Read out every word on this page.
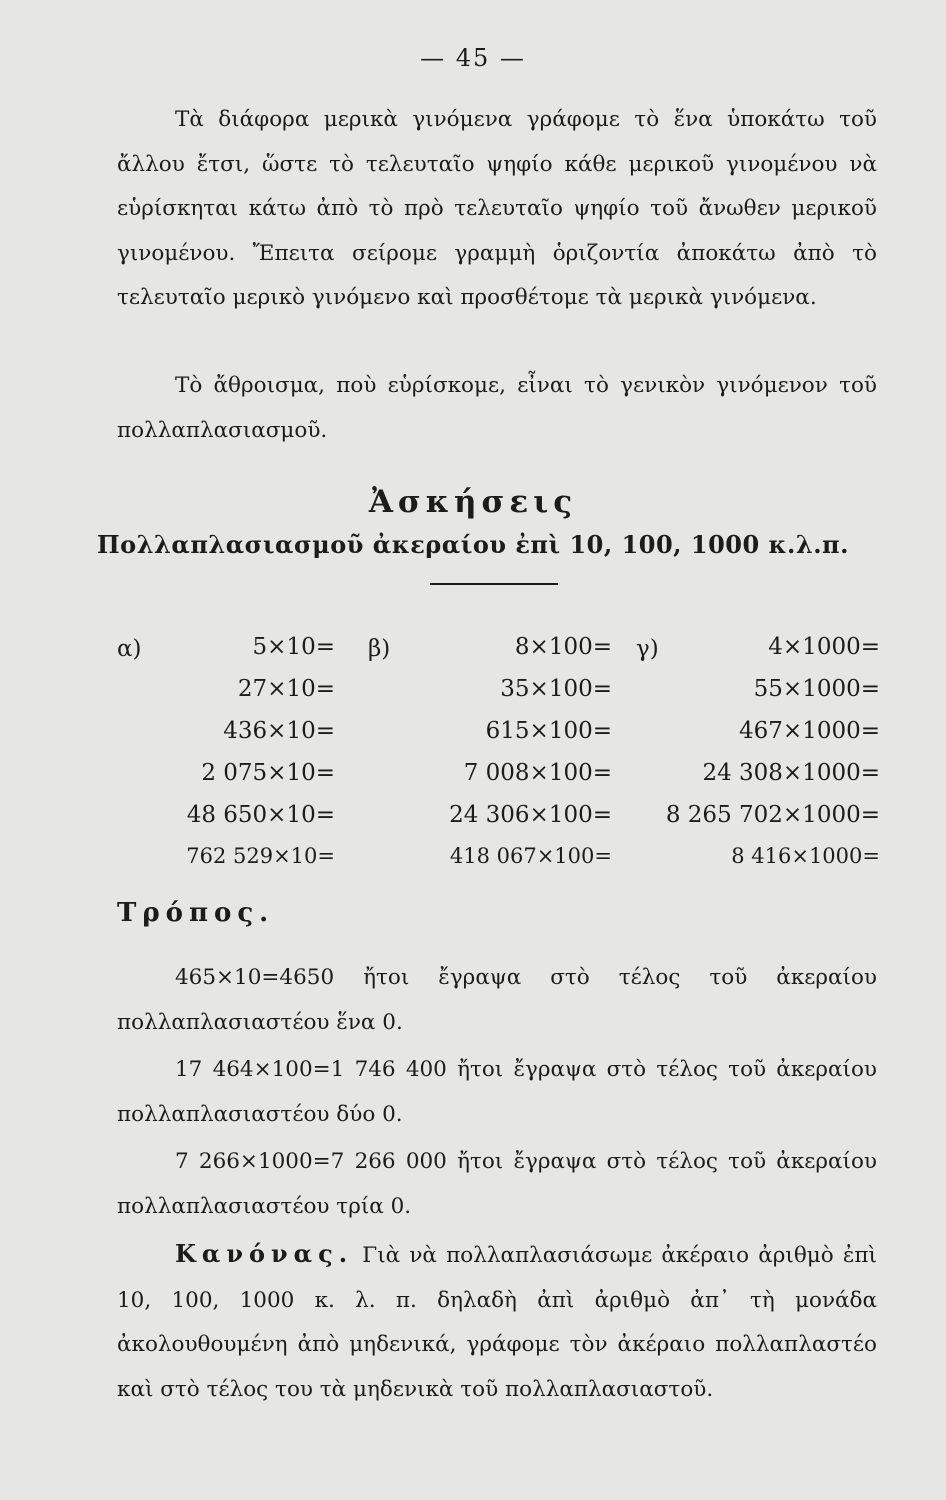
— 45 —
Τὰ διάφορα μερικὰ γινόμενα γράφομε τὸ ἕνα ὑποκάτω τοῦ ἄλλου ἔτσι, ὥστε τὸ τελευταῖο ψηφίο κάθε μερικοῦ γινομένου νὰ εὑρίσκηται κάτω ἀπὸ τὸ πρὸ τελευταῖο ψηφίο τοῦ ἄνωθεν μερικοῦ γινομένου. Ἔπειτα σείρομε γραμμὴ ὁριζοντία ἀποκάτω ἀπὸ τὸ τελευταῖο μερικὸ γινόμενο καὶ προσθέτομε τὰ μερικὰ γινόμενα.
Τὸ ἄθροισμα, ποὺ εὑρίσκομε, εἶναι τὸ γενικὸν γινόμενον τοῦ πολλαπλασιασμοῦ.
Ἀσκήσεις
Πολλαπλασιασμοῦ ἀκεραίου ἐπὶ 10, 100, 1000 κ.λ.π.
α)	β)	γ)
5×10=
27×10=
436×10=
2 075×10=
48 650×10=
762 529×10=
8×100=
35×100=
615×100=
7 008×100=
24 306×100=
418 067×100=
4×1000=
55×1000=
467×1000=
24 308×1000=
8 265 702×1000=
8 416×1000=
Τρόπος.
465×10=4650 ἤτοι ἔγραψα στὸ τέλος τοῦ ἀκεραίου πολλαπλασιαστέου ἕνα 0.
17 464×100=1 746 400 ἤτοι ἔγραψα στὸ τέλος τοῦ ἀκεραίου πολλαπλασιαστέου δύο 0.
7 266×1000=7 266 000 ἤτοι ἔγραψα στὸ τέλος τοῦ ἀκεραίου πολλαπλασιαστέου τρία 0.
Κανόνας. Γιὰ νὰ πολλαπλασιάσωμε ἀκέραιο ἀριθμὸ ἐπὶ 10, 100, 1000 κ. λ. π. δηλαδὴ ἀπὶ ἀριθμὸ ἀπ᾿ τὴ μονάδα ἀκολουθουμένη ἀπὸ μηδενικά, γράφομε τὸν ἀκέραιο πολλαπλαστέο καὶ στὸ τέλος του τὰ μηδενικὰ τοῦ πολλαπλασιαστοῦ.
